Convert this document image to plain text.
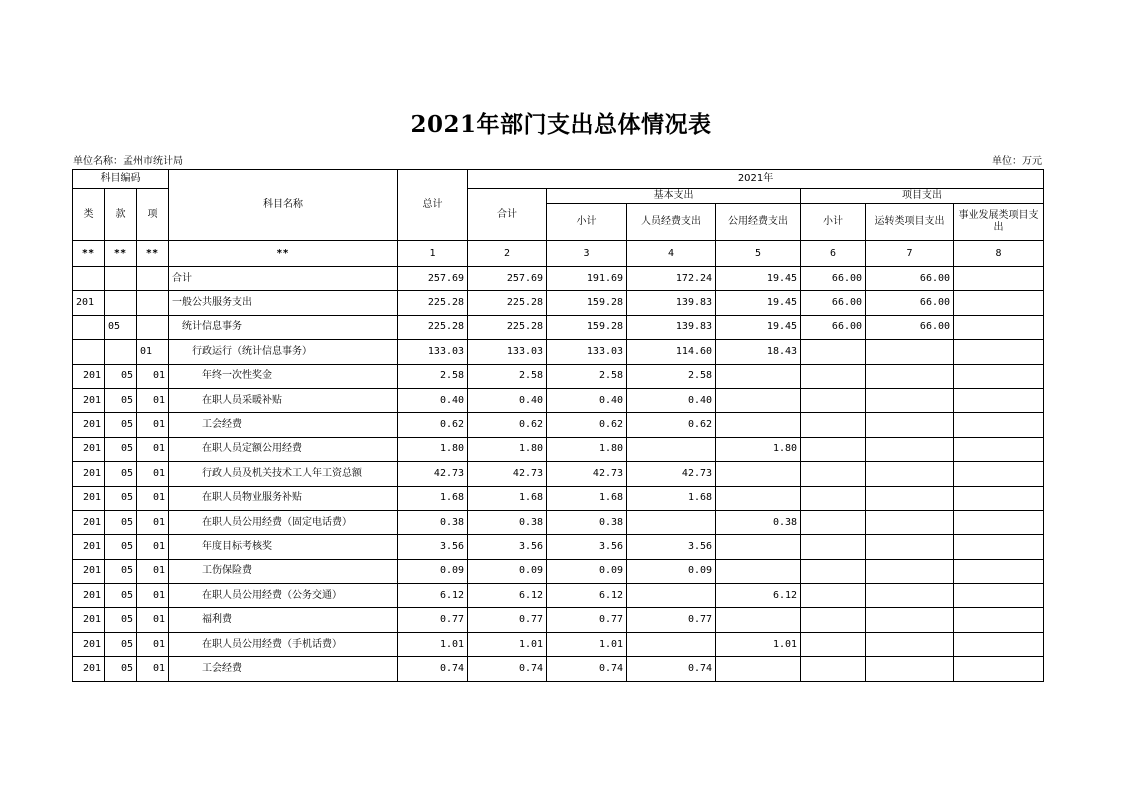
2021年部门支出总体情况表
单位名称：孟州市统计局	单位：万元
科目编码			科目名称	总计	2021年						
类	款	项			合计	基本支出			项目支出		
						小计	人员经费支出	公用经费支出	小计	运转类项目支出	事业发展类项目支出
**	**	**	**	1	2	3	4	5	6	7	8
			合计	257.69	257.69	191.69	172.24	19.45	66.00	66.00	
201			一般公共服务支出	225.28	225.28	159.28	139.83	19.45	66.00	66.00	
	05		统计信息事务	225.28	225.28	159.28	139.83	19.45	66.00	66.00	
		01	行政运行（统计信息事务）	133.03	133.03	133.03	114.60	18.43			
201	05	01	年终一次性奖金	2.58	2.58	2.58	2.58				
201	05	01	在职人员采暖补贴	0.40	0.40	0.40	0.40				
201	05	01	工会经费	0.62	0.62	0.62	0.62				
201	05	01	在职人员定额公用经费	1.80	1.80	1.80		1.80			
201	05	01	行政人员及机关技术工人年工资总额	42.73	42.73	42.73	42.73				
201	05	01	在职人员物业服务补贴	1.68	1.68	1.68	1.68				
201	05	01	在职人员公用经费（固定电话费）	0.38	0.38	0.38		0.38			
201	05	01	年度目标考核奖	3.56	3.56	3.56	3.56				
201	05	01	工伤保险费	0.09	0.09	0.09	0.09				
201	05	01	在职人员公用经费（公务交通）	6.12	6.12	6.12		6.12			
201	05	01	福利费	0.77	0.77	0.77	0.77				
201	05	01	在职人员公用经费（手机话费）	1.01	1.01	1.01		1.01			
201	05	01	工会经费	0.74	0.74	0.74	0.74				
